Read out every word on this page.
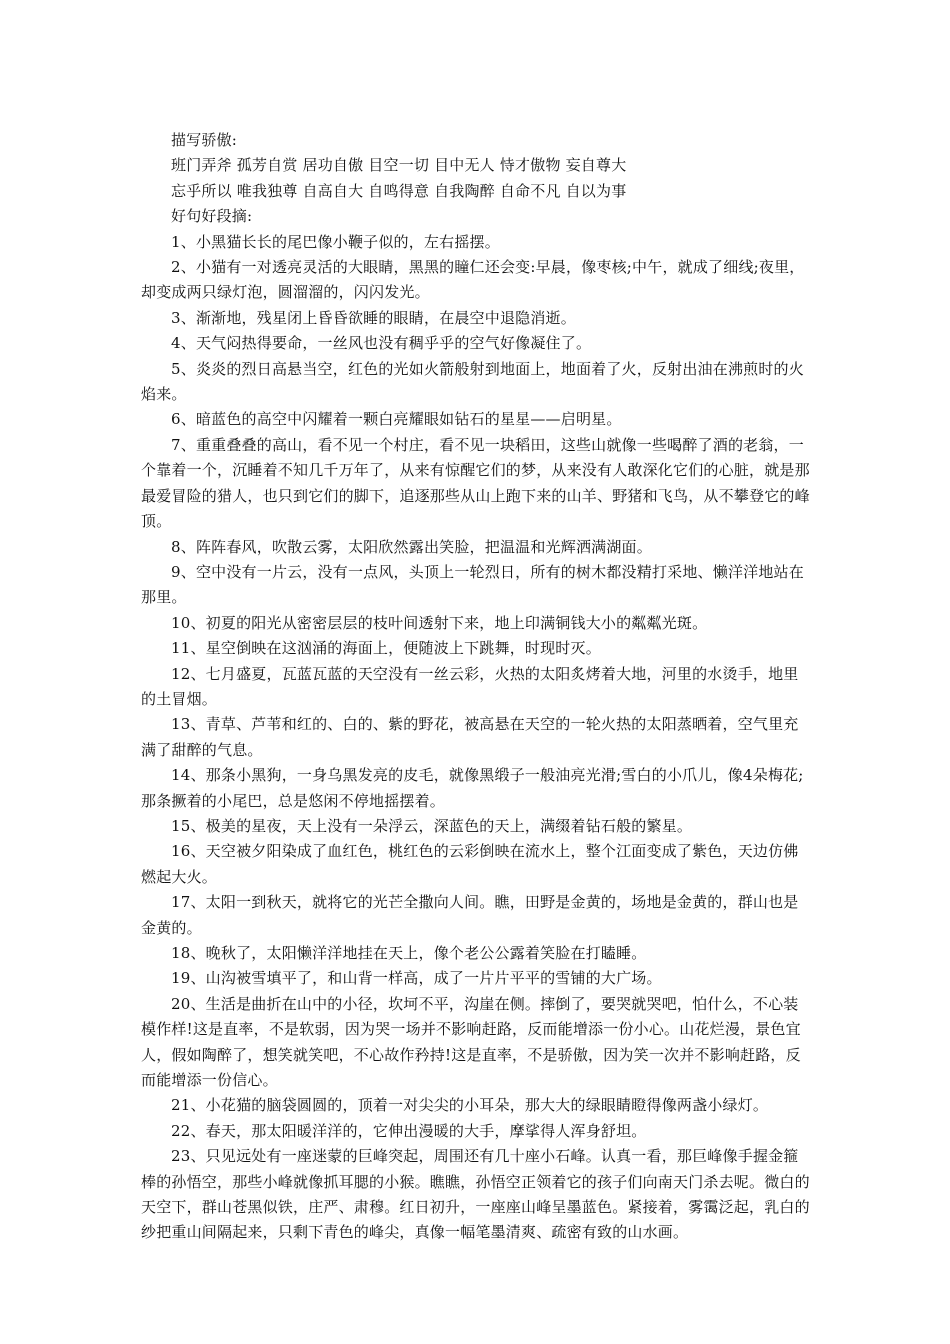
描写骄傲:

班门弄斧 孤芳自赏 居功自傲 目空一切 目中无人 恃才傲物 妄自尊大

忘乎所以 唯我独尊 自高自大 自鸣得意 自我陶醉 自命不凡 自以为事

好句好段摘:

1、小黑猫长长的尾巴像小鞭子似的，左右摇摆。

2、小猫有一对透亮灵活的大眼睛，黑黑的瞳仁还会变:早晨，像枣核;中午，就成了细线;夜里，却变成两只绿灯泡，圆溜溜的，闪闪发光。

3、渐渐地，残星闭上昏昏欲睡的眼睛，在晨空中退隐消逝。

4、天气闷热得要命，一丝风也没有稠乎乎的空气好像凝住了。

5、炎炎的烈日高悬当空，红色的光如火箭般射到地面上，地面着了火，反射出油在沸煎时的火焰来。

6、暗蓝色的高空中闪耀着一颗白亮耀眼如钻石的星星——启明星。

7、重重叠叠的高山，看不见一个村庄，看不见一块稻田，这些山就像一些喝醉了酒的老翁，一个靠着一个，沉睡着不知几千万年了，从来有惊醒它们的梦，从来没有人敢深化它们的心脏，就是那最爱冒险的猎人，也只到它们的脚下，追逐那些从山上跑下来的山羊、野猪和飞鸟，从不攀登它的峰顶。

8、阵阵春风，吹散云雾，太阳欣然露出笑脸，把温温和光辉洒满湖面。

9、空中没有一片云，没有一点风，头顶上一轮烈日，所有的树木都没精打采地、懒洋洋地站在那里。

10、初夏的阳光从密密层层的枝叶间透射下来，地上印满铜钱大小的粼粼光斑。

11、星空倒映在这汹涌的海面上，便随波上下跳舞，时现时灭。

12、七月盛夏，瓦蓝瓦蓝的天空没有一丝云彩，火热的太阳炙烤着大地，河里的水烫手，地里的土冒烟。

13、青草、芦苇和红的、白的、紫的野花，被高悬在天空的一轮火热的太阳蒸晒着，空气里充满了甜醉的气息。

14、那条小黑狗，一身乌黑发亮的皮毛，就像黑缎子一般油亮光滑;雪白的小爪儿，像4朵梅花;那条撅着的小尾巴，总是悠闲不停地摇摆着。

15、极美的星夜，天上没有一朵浮云，深蓝色的天上，满缀着钻石般的繁星。

16、天空被夕阳染成了血红色，桃红色的云彩倒映在流水上，整个江面变成了紫色，天边仿佛燃起大火。

17、太阳一到秋天，就将它的光芒全撒向人间。瞧，田野是金黄的，场地是金黄的，群山也是金黄的。

18、晚秋了，太阳懒洋洋地挂在天上，像个老公公露着笑脸在打瞌睡。

19、山沟被雪填平了，和山背一样高，成了一片片平平的雪铺的大广场。

20、生活是曲折在山中的小径，坎坷不平，沟崖在侧。摔倒了，要哭就哭吧，怕什么，不心装模作样!这是直率，不是软弱，因为哭一场并不影响赶路，反而能增添一份小心。山花烂漫，景色宜人，假如陶醉了，想笑就笑吧，不心故作矜持!这是直率，不是骄傲，因为笑一次并不影响赶路，反而能增添一份信心。

21、小花猫的脑袋圆圆的，顶着一对尖尖的小耳朵，那大大的绿眼睛瞪得像两盏小绿灯。

22、春天，那太阳暖洋洋的，它伸出漫暖的大手，摩挲得人浑身舒坦。

23、只见远处有一座迷蒙的巨峰突起，周围还有几十座小石峰。认真一看，那巨峰像手握金箍棒的孙悟空，那些小峰就像抓耳腮的小猴。瞧瞧，孙悟空正领着它的孩子们向南天门杀去呢。微白的天空下，群山苍黑似铁，庄严、肃穆。红日初升，一座座山峰呈墨蓝色。紧接着，雾霭泛起，乳白的纱把重山间隔起来，只剩下青色的峰尖，真像一幅笔墨清爽、疏密有致的山水画。
